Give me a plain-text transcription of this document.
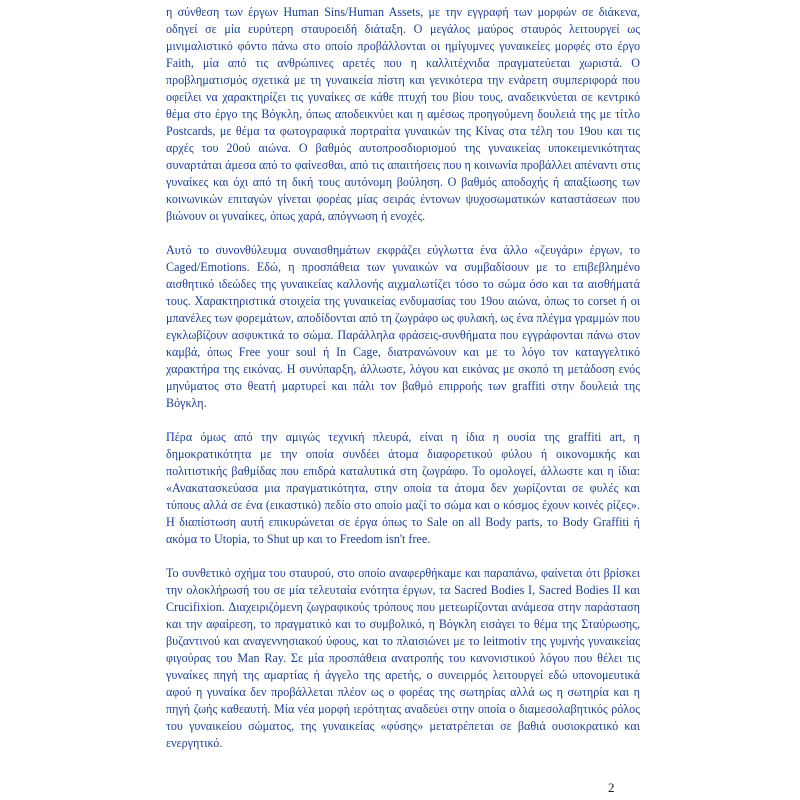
η σύνθεση των έργων Human Sins/Human Assets, με την εγγραφή των μορφών σε διάκενα, οδηγεί σε μία ευρύτερη σταυροειδή διάταξη. Ο μεγάλος μαύρος σταυρός λειτουργεί ως μινιμαλιστικό φόντο πάνω στο οποίο προβάλλονται οι ημίγυμνες γυναικείες μορφές στο έργο Faith, μία από τις ανθρώπινες αρετές που η καλλιτέχνιδα πραγματεύεται χωριστά. Ο προβληματισμός σχετικά με τη γυναικεία πίστη και γενικότερα την ενάρετη συμπεριφορά που οφείλει να χαρακτηρίζει τις γυναίκες σε κάθε πτυχή του βίου τους, αναδεικνύεται σε κεντρικό θέμα στο έργο της Βόγκλη, όπως αποδεικνύει και η αμέσως προηγούμενη δουλειά της με τίτλο Postcards, με θέμα τα φωτογραφικά πορτραίτα γυναικών της Κίνας στα τέλη του 19ου και τις αρχές του 20ού αιώνα. Ο βαθμός αυτοπροσδιορισμού της γυναικείας υποκειμενικότητας συναρτάται άμεσα από το φαίνεσθαι, από τις απαιτήσεις που η κοινωνία προβάλλει απέναντι στις γυναίκες και όχι από τη δική τους αυτόνομη βούληση. Ο βαθμός αποδοχής ή απαξίωσης των κοινωνικών επιταγών γίνεται φορέας μίας σειράς έντονων ψυχοσωματικών καταστάσεων που βιώνουν οι γυναίκες, όπως χαρά, απόγνωση ή ενοχές.

Αυτό το συνονθύλευμα συναισθημάτων εκφράζει εύγλωττα ένα άλλο «ζευγάρι» έργων, το Caged/Emotions. Εδώ, η προσπάθεια των γυναικών να συμβαδίσουν με το επιβεβλημένο αισθητικό ιδεώδες της γυναικείας καλλονής αιχμαλωτίζει τόσο το σώμα όσο και τα αισθήματά τους. Χαρακτηριστικά στοιχεία της γυναικείας ενδυμασίας του 19ου αιώνα, όπως το corset ή οι μπανέλες των φορεμάτων, αποδίδονται από τη ζωγράφο ως φυλακή, ως ένα πλέγμα γραμμών που εγκλωβίζουν ασφυκτικά το σώμα. Παράλληλα φράσεις-συνθήματα που εγγράφονται πάνω στον καμβά, όπως Free your soul ή In Cage, διατρανώνουν και με το λόγο τον καταγγελτικό χαρακτήρα της εικόνας. Η συνύπαρξη, άλλωστε, λόγου και εικόνας με σκοπό τη μετάδοση ενός μηνύματος στο θεατή μαρτυρεί και πάλι τον βαθμό επιρροής των graffiti στην δουλειά της Βόγκλη.

Πέρα όμως από την αμιγώς τεχνική πλευρά, είναι η ίδια η ουσία της graffiti art, η δημοκρατικότητα με την οποία συνδέει άτομα διαφορετικού φύλου ή οικονομικής και πολιτιστικής βαθμίδας που επιδρά καταλυτικά στη ζωγράφο. Το ομολογεί, άλλωστε και η ίδια: «Ανακατασκεύασα μια πραγματικότητα, στην οποία τα άτομα δεν χωρίζονται σε φυλές και τύπους αλλά σε ένα (εικαστικό) πεδίο στο οποίο μαζί το σώμα και ο κόσμος έχουν κοινές ρίζες». Η διαπίστωση αυτή επικυρώνεται σε έργα όπως το Sale on all Body parts, το Body Graffiti ή ακόμα το Utopia, το Shut up και το Freedom isn't free.

Το συνθετικό σχήμα του σταυρού, στο οποίο αναφερθήκαμε και παραπάνω, φαίνεται ότι βρίσκει την ολοκλήρωσή του σε μία τελευταία ενότητα έργων, τα Sacred Bodies I, Sacred Bodies II και Crucifixion. Διαχειριζόμενη ζωγραφικούς τρόπους που μετεωρίζονται ανάμεσα στην παράσταση και την αφαίρεση, το πραγματικό και το συμβολικό, η Βόγκλη εισάγει το θέμα της Σταύρωσης, βυζαντινού και αναγεννησιακού ύφους, και το πλαισιώνει με το leitmotiv της γυμνής γυναικείας φιγούρας του Man Ray. Σε μία προσπάθεια ανατροπής του κανονιστικού λόγου που θέλει τις γυναίκες πηγή της αμαρτίας ή άγγελο της αρετής, ο συνειρμός λειτουργεί εδώ υπονομευτικά αφού η γυναίκα δεν προβάλλεται πλέον ως ο φορέας της σωτηρίας αλλά ως η σωτηρία και η πηγή ζωής καθεαυτή. Μία νέα μορφή ιερότητας αναδεύει στην οποία ο διαμεσολαβητικός ρόλος του γυναικείου σώματος, της γυναικείας «φύσης» μετατρέπεται σε βαθιά ουσιοκρατικό και ενεργητικό.

2
